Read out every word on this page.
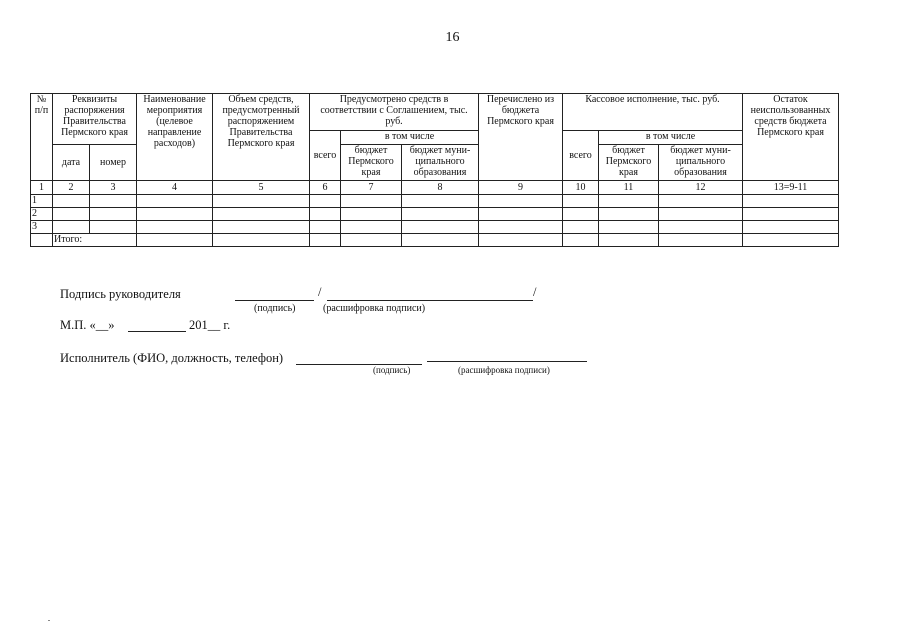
16
№ п/п	Реквизиты распоряжения Правительства Пермского края		Наименование мероприятия (целевое направление расходов)	Объем средств, предусмотренный распоряжением Правительства Пермского края	Предусмотрено средств в соответствии с Соглашением, тыс. руб.			Перечислено из бюджета Пермского края	Кассовое исполнение, тыс. руб.			Остаток неиспользованных средств бюджета Пермского края
					всего	в том числе			всего	в том числе		
	дата	номер				бюджет Пермского края	бюджет муни-ципального образования			бюджет Пермского края	бюджет муни-ципального образования	
1	2	3	4	5	6	7	8	9	10	11	12	13=9-11
1												
2												
3												
	Итого:											
Подпись руководителя	/	/
(подпись)	(расшифровка подписи)
М.П. «__»	201__ г.
Исполнитель (ФИО, должность, телефон)
(подпись)	(расшифровка подписи)
